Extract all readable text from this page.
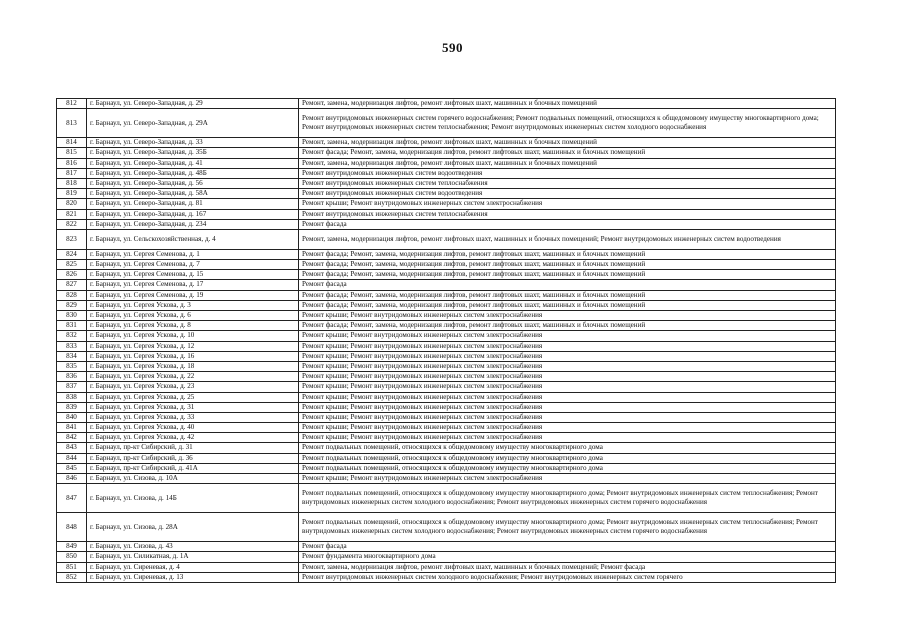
590
812	г. Барнаул, ул. Северо-Западная, д. 29	Ремонт, замена, модернизация лифтов, ремонт лифтовых шахт, машинных и блочных помещений
813	г. Барнаул, ул. Северо-Западная, д. 29А	Ремонт внутридомовых инженерных систем горячего водоснабжения; Ремонт подвальных помещений, относящихся к общедомовому имуществу многоквартирного дома; Ремонт внутридомовых инженерных систем теплоснабжения; Ремонт внутридомовых инженерных систем холодного водоснабжения
814	г. Барнаул, ул. Северо-Западная, д. 33	Ремонт, замена, модернизация лифтов, ремонт лифтовых шахт, машинных и блочных помещений
815	г. Барнаул, ул. Северо-Западная, д. 35Б	Ремонт фасада; Ремонт, замена, модернизация лифтов, ремонт лифтовых шахт, машинных и блочных помещений
816	г. Барнаул, ул. Северо-Западная, д. 41	Ремонт, замена, модернизация лифтов, ремонт лифтовых шахт, машинных и блочных помещений
817	г. Барнаул, ул. Северо-Западная, д. 48Б	Ремонт внутридомовых инженерных систем водоотведения
818	г. Барнаул, ул. Северо-Западная, д. 56	Ремонт внутридомовых инженерных систем теплоснабжения
819	г. Барнаул, ул. Северо-Западная, д. 58А	Ремонт внутридомовых инженерных систем водоотведения
820	г. Барнаул, ул. Северо-Западная, д. 81	Ремонт крыши; Ремонт внутридомовых инженерных систем электроснабжения
821	г. Барнаул, ул. Северо-Западная, д. 167	Ремонт внутридомовых инженерных систем теплоснабжения
822	г. Барнаул, ул. Северо-Западная, д. 234	Ремонт фасада
823	г. Барнаул, ул. Сельскохозяйственная, д. 4	Ремонт, замена, модернизация лифтов, ремонт лифтовых шахт, машинных и блочных помещений; Ремонт внутридомовых инженерных систем водоотведения
824	г. Барнаул, ул. Сергея Семенова, д. 1	Ремонт фасада; Ремонт, замена, модернизация лифтов, ремонт лифтовых шахт, машинных и блочных помещений
825	г. Барнаул, ул. Сергея Семенова, д. 7	Ремонт фасада; Ремонт, замена, модернизация лифтов, ремонт лифтовых шахт, машинных и блочных помещений
826	г. Барнаул, ул. Сергея Семенова, д. 15	Ремонт фасада; Ремонт, замена, модернизация лифтов, ремонт лифтовых шахт, машинных и блочных помещений
827	г. Барнаул, ул. Сергея Семенова, д. 17	Ремонт фасада
828	г. Барнаул, ул. Сергея Семенова, д. 19	Ремонт фасада; Ремонт, замена, модернизация лифтов, ремонт лифтовых шахт, машинных и блочных помещений
829	г. Барнаул, ул. Сергея Ускова, д. 3	Ремонт фасада; Ремонт, замена, модернизация лифтов, ремонт лифтовых шахт, машинных и блочных помещений
830	г. Барнаул, ул. Сергея Ускова, д. 6	Ремонт крыши; Ремонт внутридомовых инженерных систем электроснабжения
831	г. Барнаул, ул. Сергея Ускова, д. 8	Ремонт фасада; Ремонт, замена, модернизация лифтов, ремонт лифтовых шахт, машинных и блочных помещений
832	г. Барнаул, ул. Сергея Ускова, д. 10	Ремонт крыши; Ремонт внутридомовых инженерных систем электроснабжения
833	г. Барнаул, ул. Сергея Ускова, д. 12	Ремонт крыши; Ремонт внутридомовых инженерных систем электроснабжения
834	г. Барнаул, ул. Сергея Ускова, д. 16	Ремонт крыши; Ремонт внутридомовых инженерных систем электроснабжения
835	г. Барнаул, ул. Сергея Ускова, д. 18	Ремонт крыши; Ремонт внутридомовых инженерных систем электроснабжения
836	г. Барнаул, ул. Сергея Ускова, д. 22	Ремонт крыши; Ремонт внутридомовых инженерных систем электроснабжения
837	г. Барнаул, ул. Сергея Ускова, д. 23	Ремонт крыши; Ремонт внутридомовых инженерных систем электроснабжения
838	г. Барнаул, ул. Сергея Ускова, д. 25	Ремонт крыши; Ремонт внутридомовых инженерных систем электроснабжения
839	г. Барнаул, ул. Сергея Ускова, д. 31	Ремонт крыши; Ремонт внутридомовых инженерных систем электроснабжения
840	г. Барнаул, ул. Сергея Ускова, д. 33	Ремонт крыши; Ремонт внутридомовых инженерных систем электроснабжения
841	г. Барнаул, ул. Сергея Ускова, д. 40	Ремонт крыши; Ремонт внутридомовых инженерных систем электроснабжения
842	г. Барнаул, ул. Сергея Ускова, д. 42	Ремонт крыши; Ремонт внутридомовых инженерных систем электроснабжения
843	г. Барнаул, пр-кт Сибирский, д. 31	Ремонт подвальных помещений, относящихся к общедомовому имуществу многоквартирного дома
844	г. Барнаул, пр-кт Сибирский, д. 36	Ремонт подвальных помещений, относящихся к общедомовому имуществу многоквартирного дома
845	г. Барнаул, пр-кт Сибирский, д. 41А	Ремонт подвальных помещений, относящихся к общедомовому имуществу многоквартирного дома
846	г. Барнаул, ул. Сизова, д. 10А	Ремонт крыши; Ремонт внутридомовых инженерных систем электроснабжения
847	г. Барнаул, ул. Сизова, д. 14Б	Ремонт подвальных помещений, относящихся к общедомовому имуществу многоквартирного дома; Ремонт внутридомовых инженерных систем теплоснабжения; Ремонт внутридомовых инженерных систем холодного водоснабжения; Ремонт внутридомовых инженерных систем горячего водоснабжения
848	г. Барнаул, ул. Сизова, д. 28А	Ремонт подвальных помещений, относящихся к общедомовому имуществу многоквартирного дома; Ремонт внутридомовых инженерных систем теплоснабжения; Ремонт внутридомовых инженерных систем холодного водоснабжения; Ремонт внутридомовых инженерных систем горячего водоснабжения
849	г. Барнаул, ул. Сизова, д. 43	Ремонт фасада
850	г. Барнаул, ул. Силикатная, д. 1А	Ремонт фундамента многоквартирного дома
851	г. Барнаул, ул. Сиреневая, д. 4	Ремонт, замена, модернизация лифтов, ремонт лифтовых шахт, машинных и блочных помещений; Ремонт фасада
852	г. Барнаул, ул. Сиреневая, д. 13	Ремонт внутридомовых инженерных систем холодного водоснабжения; Ремонт внутридомовых инженерных систем горячего
